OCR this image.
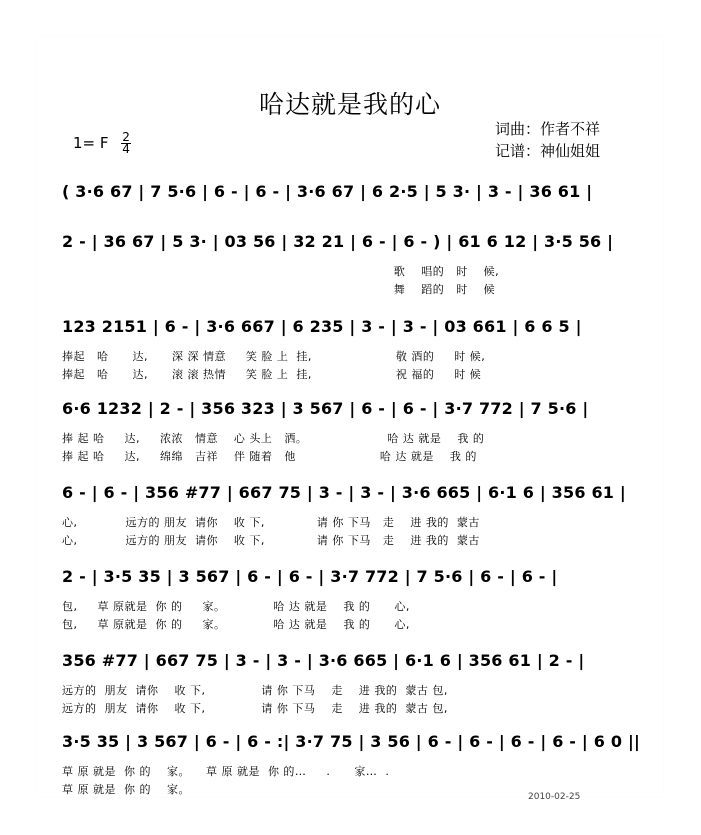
哈达就是我的心
1= F $\frac{2}{4}$
词曲：作者不祥
记谱：神仙姐姐
( 3·6 67 | 7 5·6 | 6 - | 6 - | 3·6 67 | 6 2·5 | 5 3· | 3 - | 36 61 |
2 - | 36 67 | 5 3· | 03 56 | 32 21 | 6 - | 6 - ) | 61 6 12 | 3·5 56 |
歌    唱的   时    候,
舞    蹈的   时    候
123 2151 | 6 - | 3·6 667 | 6 235 | 3 - | 3 - | 03 661 | 6 6 5 |
捧起   哈      达,      深 深 情意     笑 脸 上  挂,                     敬 酒的     时 候,
捧起   哈      达,      滚 滚 热情     笑 脸 上  挂,                     祝 福的     时 候
6·6 1232 | 2 - | 356 323 | 3 567 | 6 - | 6 - | 3·7 772 | 7 5·6 |
捧 起 哈     达,     浓浓   情意    心 头上   洒。                    哈 达 就是    我 的
捧 起 哈     达,     绵绵   吉祥    伴 随着   他                     哈 达 就是    我 的
6 - | 6 - | 356 #77 | 667 75 | 3 - | 3 - | 3·6 665 | 6·1 6 | 356 61 |
心,            远方的 朋友  请你    收 下,             请 你 下马   走    进 我的  蒙古
心,            远方的 朋友  请你    收 下,             请 你 下马   走    进 我的  蒙古
2 - | 3·5 35 | 3 567 | 6 - | 6 - | 3·7 772 | 7 5·6 | 6 - | 6 - |
包,     草 原就是  你 的     家。            哈 达 就是    我 的      心,
包,     草 原就是  你 的     家。            哈 达 就是    我 的      心,
356 #77 | 667 75 | 3 - | 3 - | 3·6 665 | 6·1 6 | 356 61 | 2 - |
远方的  朋友  请你    收 下,              请 你 下马    走    进 我的  蒙古 包,
远方的  朋友  请你    收 下,              请 你 下马    走    进 我的  蒙古 包,
3·5 35 | 3 567 | 6 - | 6 - :| 3·7 75 | 3 56 | 6 - | 6 - | 6 - | 6 - | 6 0 ||
草 原 就是  你 的    家。    草 原 就是  你 的…     .      家…  .
草 原 就是  你 的    家。
2010-02-25
